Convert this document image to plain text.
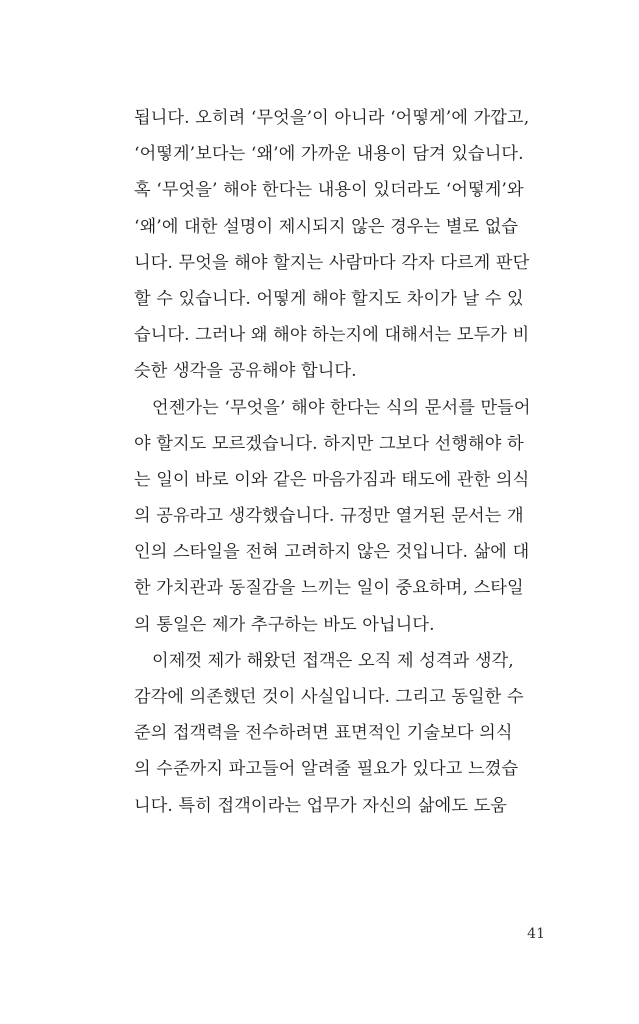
됩니다. 오히려 ‘무엇을’이 아니라 ‘어떻게’에 가깝고,
‘어떻게’보다는 ‘왜’에 가까운 내용이 담겨 있습니다.
혹 ‘무엇을’ 해야 한다는 내용이 있더라도 ‘어떻게’와
‘왜’에 대한 설명이 제시되지 않은 경우는 별로 없습
니다. 무엇을 해야 할지는 사람마다 각자 다르게 판단
할 수 있습니다. 어떻게 해야 할지도 차이가 날 수 있
습니다. 그러나 왜 해야 하는지에 대해서는 모두가 비
슷한 생각을 공유해야 합니다.
언젠가는 ‘무엇을’ 해야 한다는 식의 문서를 만들어
야 할지도 모르겠습니다. 하지만 그보다 선행해야 하
는 일이 바로 이와 같은 마음가짐과 태도에 관한 의식
의 공유라고 생각했습니다. 규정만 열거된 문서는 개
인의 스타일을 전혀 고려하지 않은 것입니다. 삶에 대
한 가치관과 동질감을 느끼는 일이 중요하며, 스타일
의 통일은 제가 추구하는 바도 아닙니다.
이제껏 제가 해왔던 접객은 오직 제 성격과 생각,
감각에 의존했던 것이 사실입니다. 그리고 동일한 수
준의 접객력을 전수하려면 표면적인 기술보다 의식
의 수준까지 파고들어 알려줄 필요가 있다고 느꼈습
니다. 특히 접객이라는 업무가 자신의 삶에도 도움
41
